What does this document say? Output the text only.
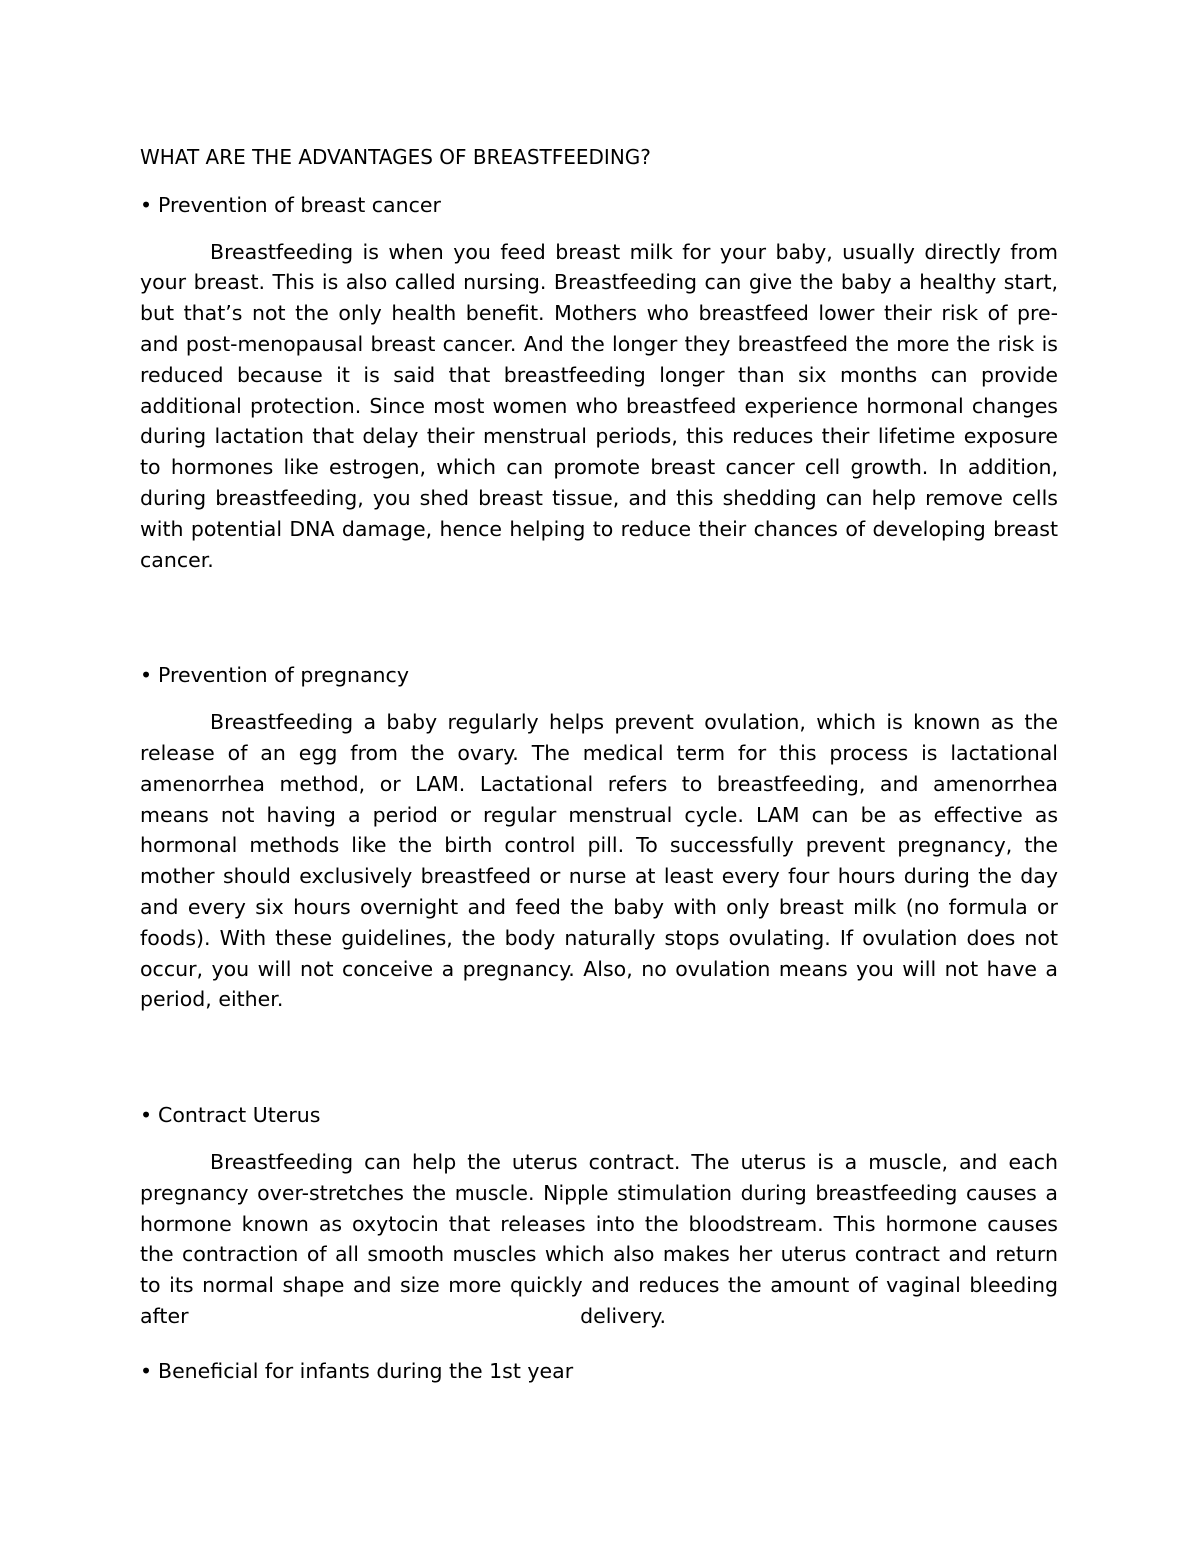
WHAT ARE THE ADVANTAGES OF BREASTFEEDING?

• Prevention of breast cancer

Breastfeeding is when you feed breast milk for your baby, usually directly from your breast. This is also called nursing. Breastfeeding can give the baby a healthy start, but that’s not the only health benefit. Mothers who breastfeed lower their risk of pre- and post-menopausal breast cancer. And the longer they breastfeed the more the risk is reduced because it is said that breastfeeding longer than six months can provide additional protection. Since most women who breastfeed experience hormonal changes during lactation that delay their menstrual periods, this reduces their lifetime exposure to hormones like estrogen, which can promote breast cancer cell growth. In addition, during breastfeeding, you shed breast tissue, and this shedding can help remove cells with potential DNA damage, hence helping to reduce their chances of developing breast cancer.

• Prevention of pregnancy

Breastfeeding a baby regularly helps prevent ovulation, which is known as the release of an egg from the ovary. The medical term for this process is lactational amenorrhea method, or LAM. Lactational refers to breastfeeding, and amenorrhea means not having a period or regular menstrual cycle. LAM can be as effective as hormonal methods like the birth control pill. To successfully prevent pregnancy, the mother should exclusively breastfeed or nurse at least every four hours during the day and every six hours overnight and feed the baby with only breast milk (no formula or foods). With these guidelines, the body naturally stops ovulating. If ovulation does not occur, you will not conceive a pregnancy. Also, no ovulation means you will not have a period, either.

• Contract Uterus

Breastfeeding can help the uterus contract. The uterus is a muscle, and each pregnancy over-stretches the muscle. Nipple stimulation during breastfeeding causes a hormone known as oxytocin that releases into the bloodstream. This hormone causes the contraction of all smooth muscles which also makes her uterus contract and return to its normal shape and size more quickly and reduces the amount of vaginal bleeding

after	delivery.

• Beneficial for infants during the 1st year
